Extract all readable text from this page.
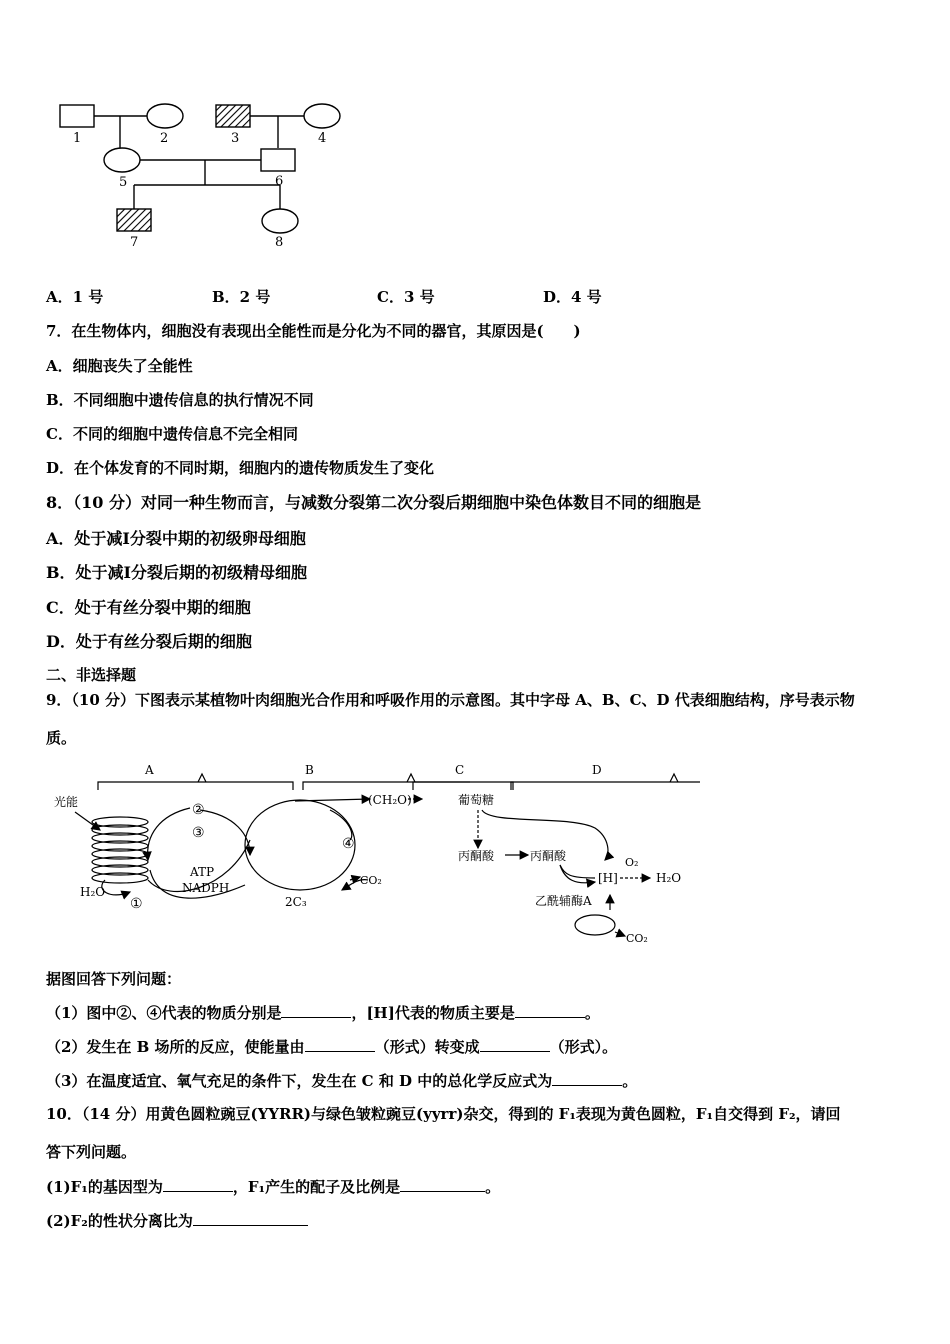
1	2	3	4
5	6
7	8
A．1 号	B．2 号	C．3 号	D．4 号
7．在生物体内，细胞没有表现出全能性而是分化为不同的器官，其原因是(　　)
A．细胞丧失了全能性
B．不同细胞中遗传信息的执行情况不同
C．不同的细胞中遗传信息不完全相同
D．在个体发育的不同时期，细胞内的遗传物质发生了变化
8．（10 分）对同一种生物而言，与减数分裂第二次分裂后期细胞中染色体数目不同的细胞是
A．处于减Ⅰ分裂中期的初级卵母细胞
B．处于减Ⅰ分裂后期的初级精母细胞
C．处于有丝分裂中期的细胞
D．处于有丝分裂后期的细胞
二、非选择题
9．（10 分）下图表示某植物叶肉细胞光合作用和呼吸作用的示意图。其中字母 A、B、C、D 代表细胞结构，序号表示物
质。
A	B	C	D
光能	②
③
④
①
ATP
NADPH
H₂O
(CH₂O)	葡萄糖
丙酮酸	丙酮酸
CO₂
2C₃
[H]
O₂
H₂O
乙酰辅酶A
CO₂
据图回答下列问题：
（1）图中②、④代表的物质分别是	，[H]代表的物质主要是	。
（2）发生在 B 场所的反应，使能量由	（形式）转变成	（形式）。
（3）在温度适宜、氧气充足的条件下，发生在 C 和 D 中的总化学反应式为	。
10．（14 分）用黄色圆粒豌豆(YYRR)与绿色皱粒豌豆(yyrr)杂交，得到的 F₁表现为黄色圆粒，F₁自交得到 F₂，请回
答下列问题。
(1)F₁的基因型为	，F₁产生的配子及比例是	。
(2)F₂的性状分离比为
